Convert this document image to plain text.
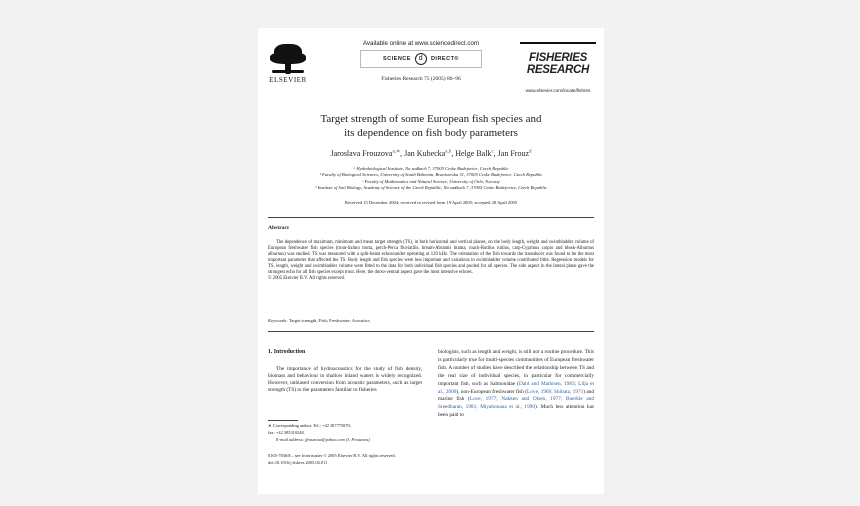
ELSEVIER
Available online at www.sciencedirect.com
SCIENCE	d	DIRECT®
Fisheries Research 75 (2005) 86–96
FISHERIES
RESEARCH
www.elsevier.com/locate/fishres
Target strength of some European fish species and
its dependence on fish body parameters
Jaroslava Frouzova$^{a,∗}$, Jan Kubecka$^{a,b}$, Helge Balk$^c$, Jan Frouz$^d$
ᵃ Hydrobiological Institute, Na sadkach 7, 37005 Ceske Budejovice, Czech Republic
ᵇ Faculty of Biological Sciences, University of South Bohemia, Branisovska 31, 37005 Ceske Budejovice, Czech Republic
ᶜ Faculty of Mathematics and Natural Science, University of Oslo, Norway
ᵈ Institute of Soil Biology, Academy of Science of the Czech Republic, Na sadkach 7, 37005 Ceske Budejovice, Czech Republic
Received 15 December 2004; received in revised form 19 April 2005; accepted 28 April 2005
Abstract

The dependence of maximum, minimum and mean target strength (TS), in both horizontal and vertical planes, on the body length, weight and swimbladder volume of European freshwater fish species (trout-Salmo trutta, perch-Perca fluviatilis, bream-Abramis brama, roach-Rutilus rutilus, carp-Cyprinus carpio and bleak-Alburnus alburnus) was studied. TS was measured with a split-beam echosounder operating at 120 kHz. The orientation of the fish towards the transducer was found to be the most important parameter that affected the TS. Body length and fish species were less important and variations in swimbladder volume contributed little. Regression models for TS, length, weight and swimbladder volume were fitted to the data for both individual fish species and pooled for all species. The side aspect in the lateral plane gave the strongest echo for all fish species except trout. Here, the dorso-ventral aspect gave the most intensive echoes.

© 2005 Elsevier B.V. All rights reserved.

Keywords: Target strength; Fish; Freshwater; Acoustics
1. Introduction

The importance of hydroacoustics for the study of fish density, biomass and behaviour in shallow inland waters is widely recognized. However, unbiased conversion from acoustic parameters, such as target strength (TS) to the parameters familiar to fisheries

biologists, such as length and weight, is still not a routine procedure. This is particularly true for multi-species communities of European freshwater fish. A number of studies have described the relationship between TS and the real size of individual species, in particular for commercially important fish, such as Salmonidae (Dahl and Mathisen, 1983; Lilja et al., 2000), non-European freshwater fish (Love, 1969; Shibata, 1971) and marine fish (Love, 1977; Nakken and Olsen, 1977; Buerkle and Sreedharan, 1981; Miyabonana et al., 1990). Much less attention has been paid to

∗ Corresponding author. Tel.: +42 387775870;
fax: +42 385310248.
E-mail address: jfrouzova@yahoo.com (J. Frouzova).
0165-7836/$ – see front matter © 2005 Elsevier B.V. All rights reserved.
doi:10.1016/j.fishres.2005.04.011
